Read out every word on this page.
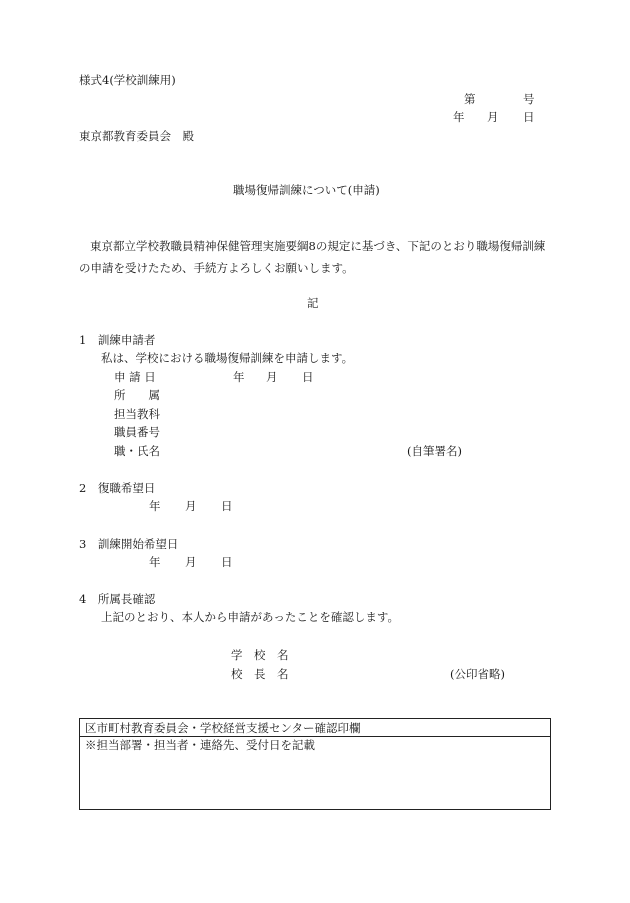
様式4(学校訓練用)
第	号
年 月 日
東京都教育委員会　殿
職場復帰訓練について(申請)
東京都立学校教職員精神保健管理実施要綱8の規定に基づき、下記のとおり職場復帰訓練の申請を受けたため、手続方よろしくお願いします。
記
1　訓練申請者
私は、学校における職場復帰訓練を申請します。
申 請 日	年 月 日
所　　属
担当教科
職員番号
職・氏名	(自筆署名)
2　復職希望日
年 月 日
3　訓練開始希望日
年 月 日
4　所属長確認
上記のとおり、本人から申請があったことを確認します。
学　校　名
校　長　名	(公印省略)
区市町村教育委員会・学校経営支援センター確認印欄
※担当部署・担当者・連絡先、受付日を記載
